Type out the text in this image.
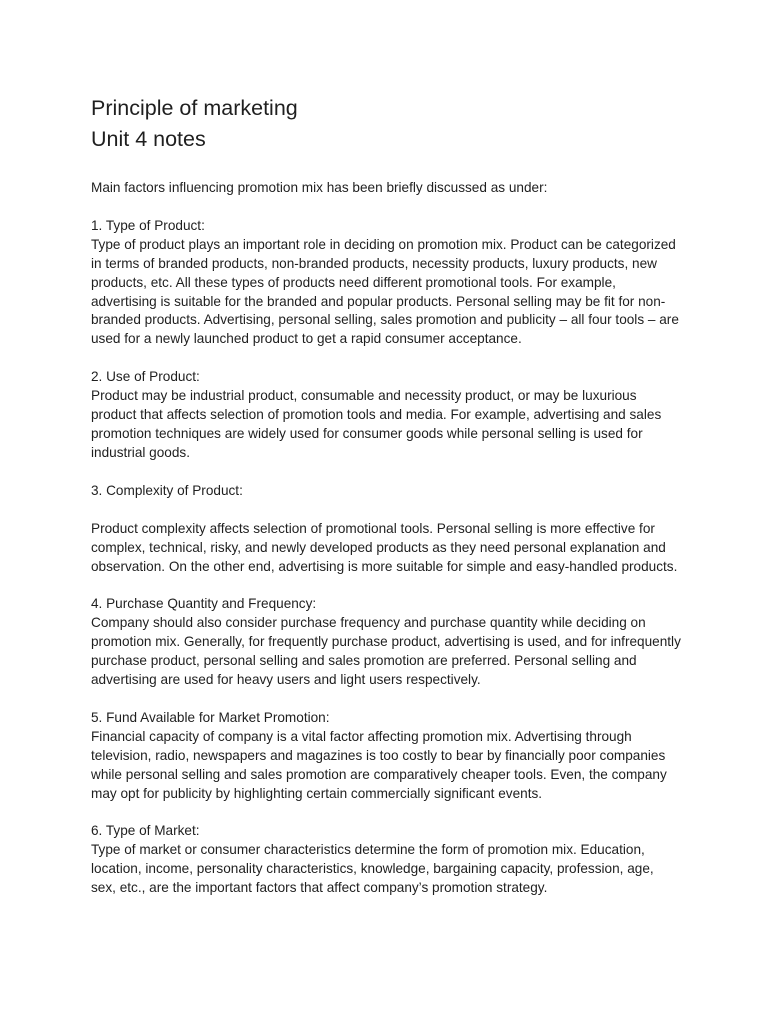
Principle of marketing
Unit 4 notes
Main factors influencing promotion mix has been briefly discussed as under:

1. Type of Product:

Type of product plays an important role in deciding on promotion mix. Product can be categorized in terms of branded products, non-branded products, necessity products, luxury products, new products, etc. All these types of products need different promotional tools. For example, advertising is suitable for the branded and popular products. Personal selling may be fit for non-branded products. Advertising, personal selling, sales promotion and publicity – all four tools – are used for a newly launched product to get a rapid consumer acceptance.

2. Use of Product:

Product may be industrial product, consumable and necessity product, or may be luxurious product that affects selection of promotion tools and media. For example, advertising and sales promotion techniques are widely used for consumer goods while personal selling is used for industrial goods.

3. Complexity of Product:

Product complexity affects selection of promotional tools. Personal selling is more effective for complex, technical, risky, and newly developed products as they need personal explanation and observation. On the other end, advertising is more suitable for simple and easy-handled products.

4. Purchase Quantity and Frequency:

Company should also consider purchase frequency and purchase quantity while deciding on promotion mix. Generally, for frequently purchase product, advertising is used, and for infrequently purchase product, personal selling and sales promotion are preferred. Personal selling and advertising are used for heavy users and light users respectively.

5. Fund Available for Market Promotion:

Financial capacity of company is a vital factor affecting promotion mix. Advertising through television, radio, newspapers and magazines is too costly to bear by financially poor companies while personal selling and sales promotion are comparatively cheaper tools. Even, the company may opt for publicity by highlighting certain commercially significant events.

6. Type of Market:

Type of market or consumer characteristics determine the form of promotion mix. Education, location, income, personality characteristics, knowledge, bargaining capacity, profession, age, sex, etc., are the important factors that affect company’s promotion strategy.
